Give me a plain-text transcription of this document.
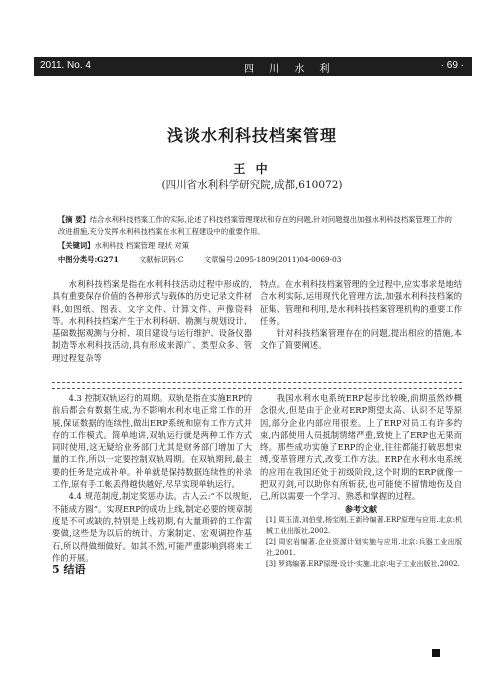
2011. No. 4	四 川 水 利	· 69 ·
浅谈水利科技档案管理
王 中
(四川省水利科学研究院,成都,610072)
【摘 要】结合水利科技档案工作的实际,论述了科技档案管理现状和存在的问题,针对问题提出加强水利科技档案管理工作的改进措施,充分发挥水利科技档案在水利工程建设中的重要作用。
【关键词】水利科技 档案管理 现状 对策
中图分类号:G271	文献标识码:C	文章编号:2095-1809(2011)04-0069-03

水利科技档案是指在水利科技活动过程中形成的,具有重要保存价值的各种形式与载体的历史记录文件材料,如图纸、图表、文字文件、计算文件、声像资料等。水利科技档案产生于水利科研、勘测与规划设计、基础数据观测与分析、项目建设与运行维护、设备仪器制造等水利科技活动,具有形成来源广、类型众多、管理过程复杂等

特点。在水利科技档案管理的全过程中,应实事求是地结合水利实际,运用现代化管理方法,加强水利科技档案的征集、管理和利用,是水利科技档案管理机构的重要工作任务。

针对科技档案管理存在的问题,提出相应的措施,本文作了简要阐述。

4.3 控制双轨运行的周期。双轨是指在实施ERP的前后都会有数据生成,为不影响水利水电正常工作的开展,保证数据的连续性,做出ERP系统和原有工作方式并存的工作模式。简单地讲,双轨运行就是两种工作方式同时使用,这无疑给业务部门尤其是财务部门增加了大量的工作,所以一定要控制双轨周期。在双轨期间,最主要的任务是完成补单。补单就是保持数据连续性的补录工作,原有手工帐丢得越快越好,尽早实现单轨运行。

4.4 规范制度,制定奖惩办法。古人云:“不以规矩,不能成方圆”。实现ERP的成功上线,制定必要的规章制度是不可或缺的,特别是上线初期,有大量琐碎的工作需要做,这些是为以后的统计、方案制定、宏观调控作基石,所以得做细做好。如其不然,可能严重影响到将来工作的开展。

5 结语

我国水利水电系统ERP起步比较晚,前期虽然炒概念很火,但是由于企业对ERP期望太高、认识不足等原因,部分企业内部应用很差。上了ERP对员工有许多约束,内部使用人员抵制情绪严重,致使上了ERP也无果而终。那些成功实施了ERP的企业,往往都能打破思想束缚,变革管理方式,改变工作方法。ERP在水利水电系统的应用在我国还处于初级阶段,这个时期的ERP就像一把双刃剑,可以助你有所斩获,也可能使不留情地伤及自己,所以需要一个学习、熟悉和掌握的过程。

参考文献

[1] 周玉清,刘伯莹,杨宝刚,王新玲编著.ERP原理与应用.北京:机械工业出版社,2002.

[2] 周宏岩编著.企业资源计划实施与应用.北京:兵器工业出版社,2001.

[3] 罗鸿编著.ERP原理·设计·实施.北京:电子工业出版社,2002.
